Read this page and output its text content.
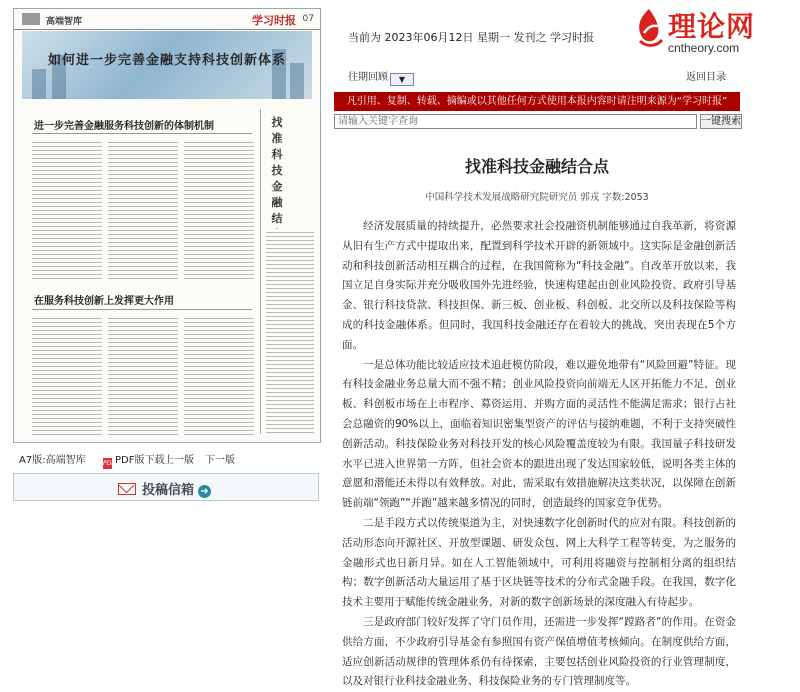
高端智库	学习时报 07
如何进一步完善金融支持科技创新体系
进一步完善金融服务科技创新的体制机制	找准科技金融结
在服务科技创新上发挥更大作用
A7版:高端智库	PDFPDF版下载 上一版 下一版
投稿信箱 ➜
当前为 2023年06月12日 星期一 发刊之 学习时报	理论网
cntheory.com
往期回顾 ▼	返回目录
凡引用、复制、转载、摘编或以其他任何方式使用本报内容时请注明来源为“学习时报”
请输入关键字查询	一键搜索
找准科技金融结合点
中国科学技术发展战略研究院研究员 郭戎 字数:2053

经济发展质量的持续提升，必然要求社会投融资机制能够通过自我革新，将资源从旧有生产方式中提取出来，配置到科学技术开辟的新领域中。这实际是金融创新活动和科技创新活动相互耦合的过程，在我国简称为“科技金融”。自改革开放以来，我国立足自身实际并充分吸收国外先进经验，快速构建起由创业风险投资、政府引导基金、银行科技贷款、科技担保、新三板、创业板、科创板、北交所以及科技保险等构成的科技金融体系。但同时，我国科技金融还存在着较大的挑战，突出表现在5个方面。

一是总体功能比较适应技术追赶模仿阶段，难以避免地带有“风险回避”特征。现有科技金融业务总量大而不强不精；创业风险投资向前端无人区开拓能力不足，创业板、科创板市场在上市程序、募资运用、并购方面的灵活性不能满足需求；银行占社会总融资的90%以上，面临着知识密集型资产的评估与接纳难题，不利于支持突破性创新活动。科技保险业务对科技开发的核心风险覆盖度较为有限。我国量子科技研发水平已进入世界第一方阵，但社会资本的跟进出现了发达国家较低，说明各类主体的意愿和潜能还未得以有效释放。对此，需采取有效措施解决这类状况，以保障在创新链前端“领跑”“并跑”越来越多情况的同时，创造最终的国家竞争优势。

二是手段方式以传统渠道为主，对快速数字化创新时代的应对有限。科技创新的活动形态向开源社区、开放型课题、研发众包、网上大科学工程等转变，为之服务的金融形式也日新月异。如在人工智能领域中，可利用将融资与控制相分离的组织结构；数字创新活动大量运用了基于区块链等技术的分布式金融手段。在我国，数字化技术主要用于赋能传统金融业务，对新的数字创新场景的深度融入有待起步。

三是政府部门较好发挥了守门员作用，还需进一步发挥“蹚路者”的作用。在资金供给方面，不少政府引导基金有参照国有资产保值增值考核倾向。在制度供给方面，适应创新活动规律的管理体系仍有待探索，主要包括创业风险投资的行业管理制度，以及对银行业科技金融业务、科技保险业务的专门管理制度等。
